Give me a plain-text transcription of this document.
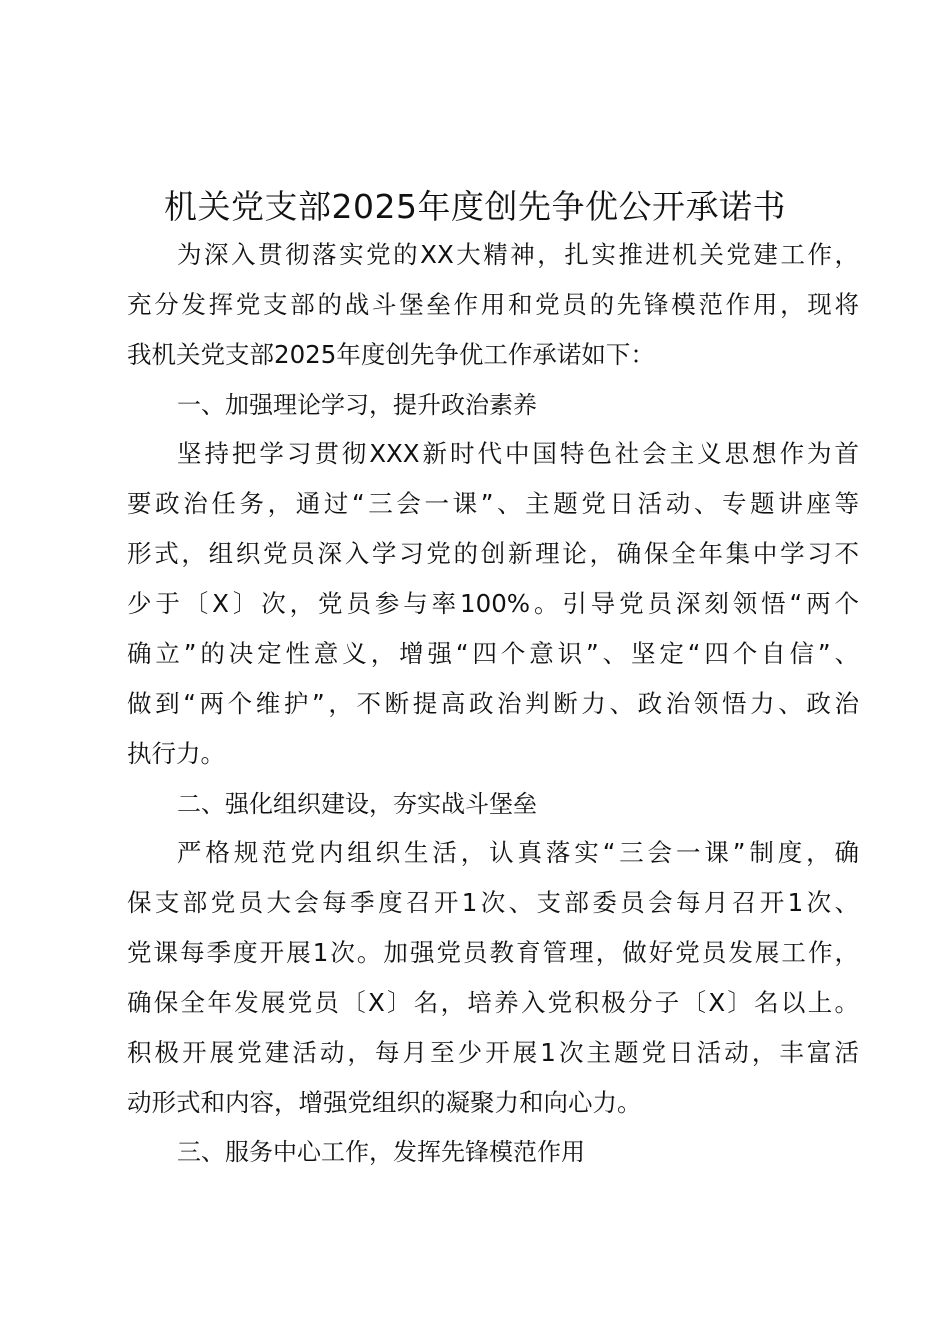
机关党支部2025年度创先争优公开承诺书
为深入贯彻落实党的XX大精神，扎实推进机关党建工作，
充分发挥党支部的战斗堡垒作用和党员的先锋模范作用，现将
我机关党支部2025年度创先争优工作承诺如下：
一、加强理论学习，提升政治素养
坚持把学习贯彻XXX新时代中国特色社会主义思想作为首
要政治任务，通过“三会一课”、主题党日活动、专题讲座等
形式，组织党员深入学习党的创新理论，确保全年集中学习不
少于〔X〕次，党员参与率100%。引导党员深刻领悟“两个
确立”的决定性意义，增强“四个意识”、坚定“四个自信”、
做到“两个维护”，不断提高政治判断力、政治领悟力、政治
执行力。
二、强化组织建设，夯实战斗堡垒
严格规范党内组织生活，认真落实“三会一课”制度，确
保支部党员大会每季度召开1次、支部委员会每月召开1次、
党课每季度开展1次。加强党员教育管理，做好党员发展工作，
确保全年发展党员〔X〕名，培养入党积极分子〔X〕名以上。
积极开展党建活动，每月至少开展1次主题党日活动，丰富活
动形式和内容，增强党组织的凝聚力和向心力。
三、服务中心工作，发挥先锋模范作用
